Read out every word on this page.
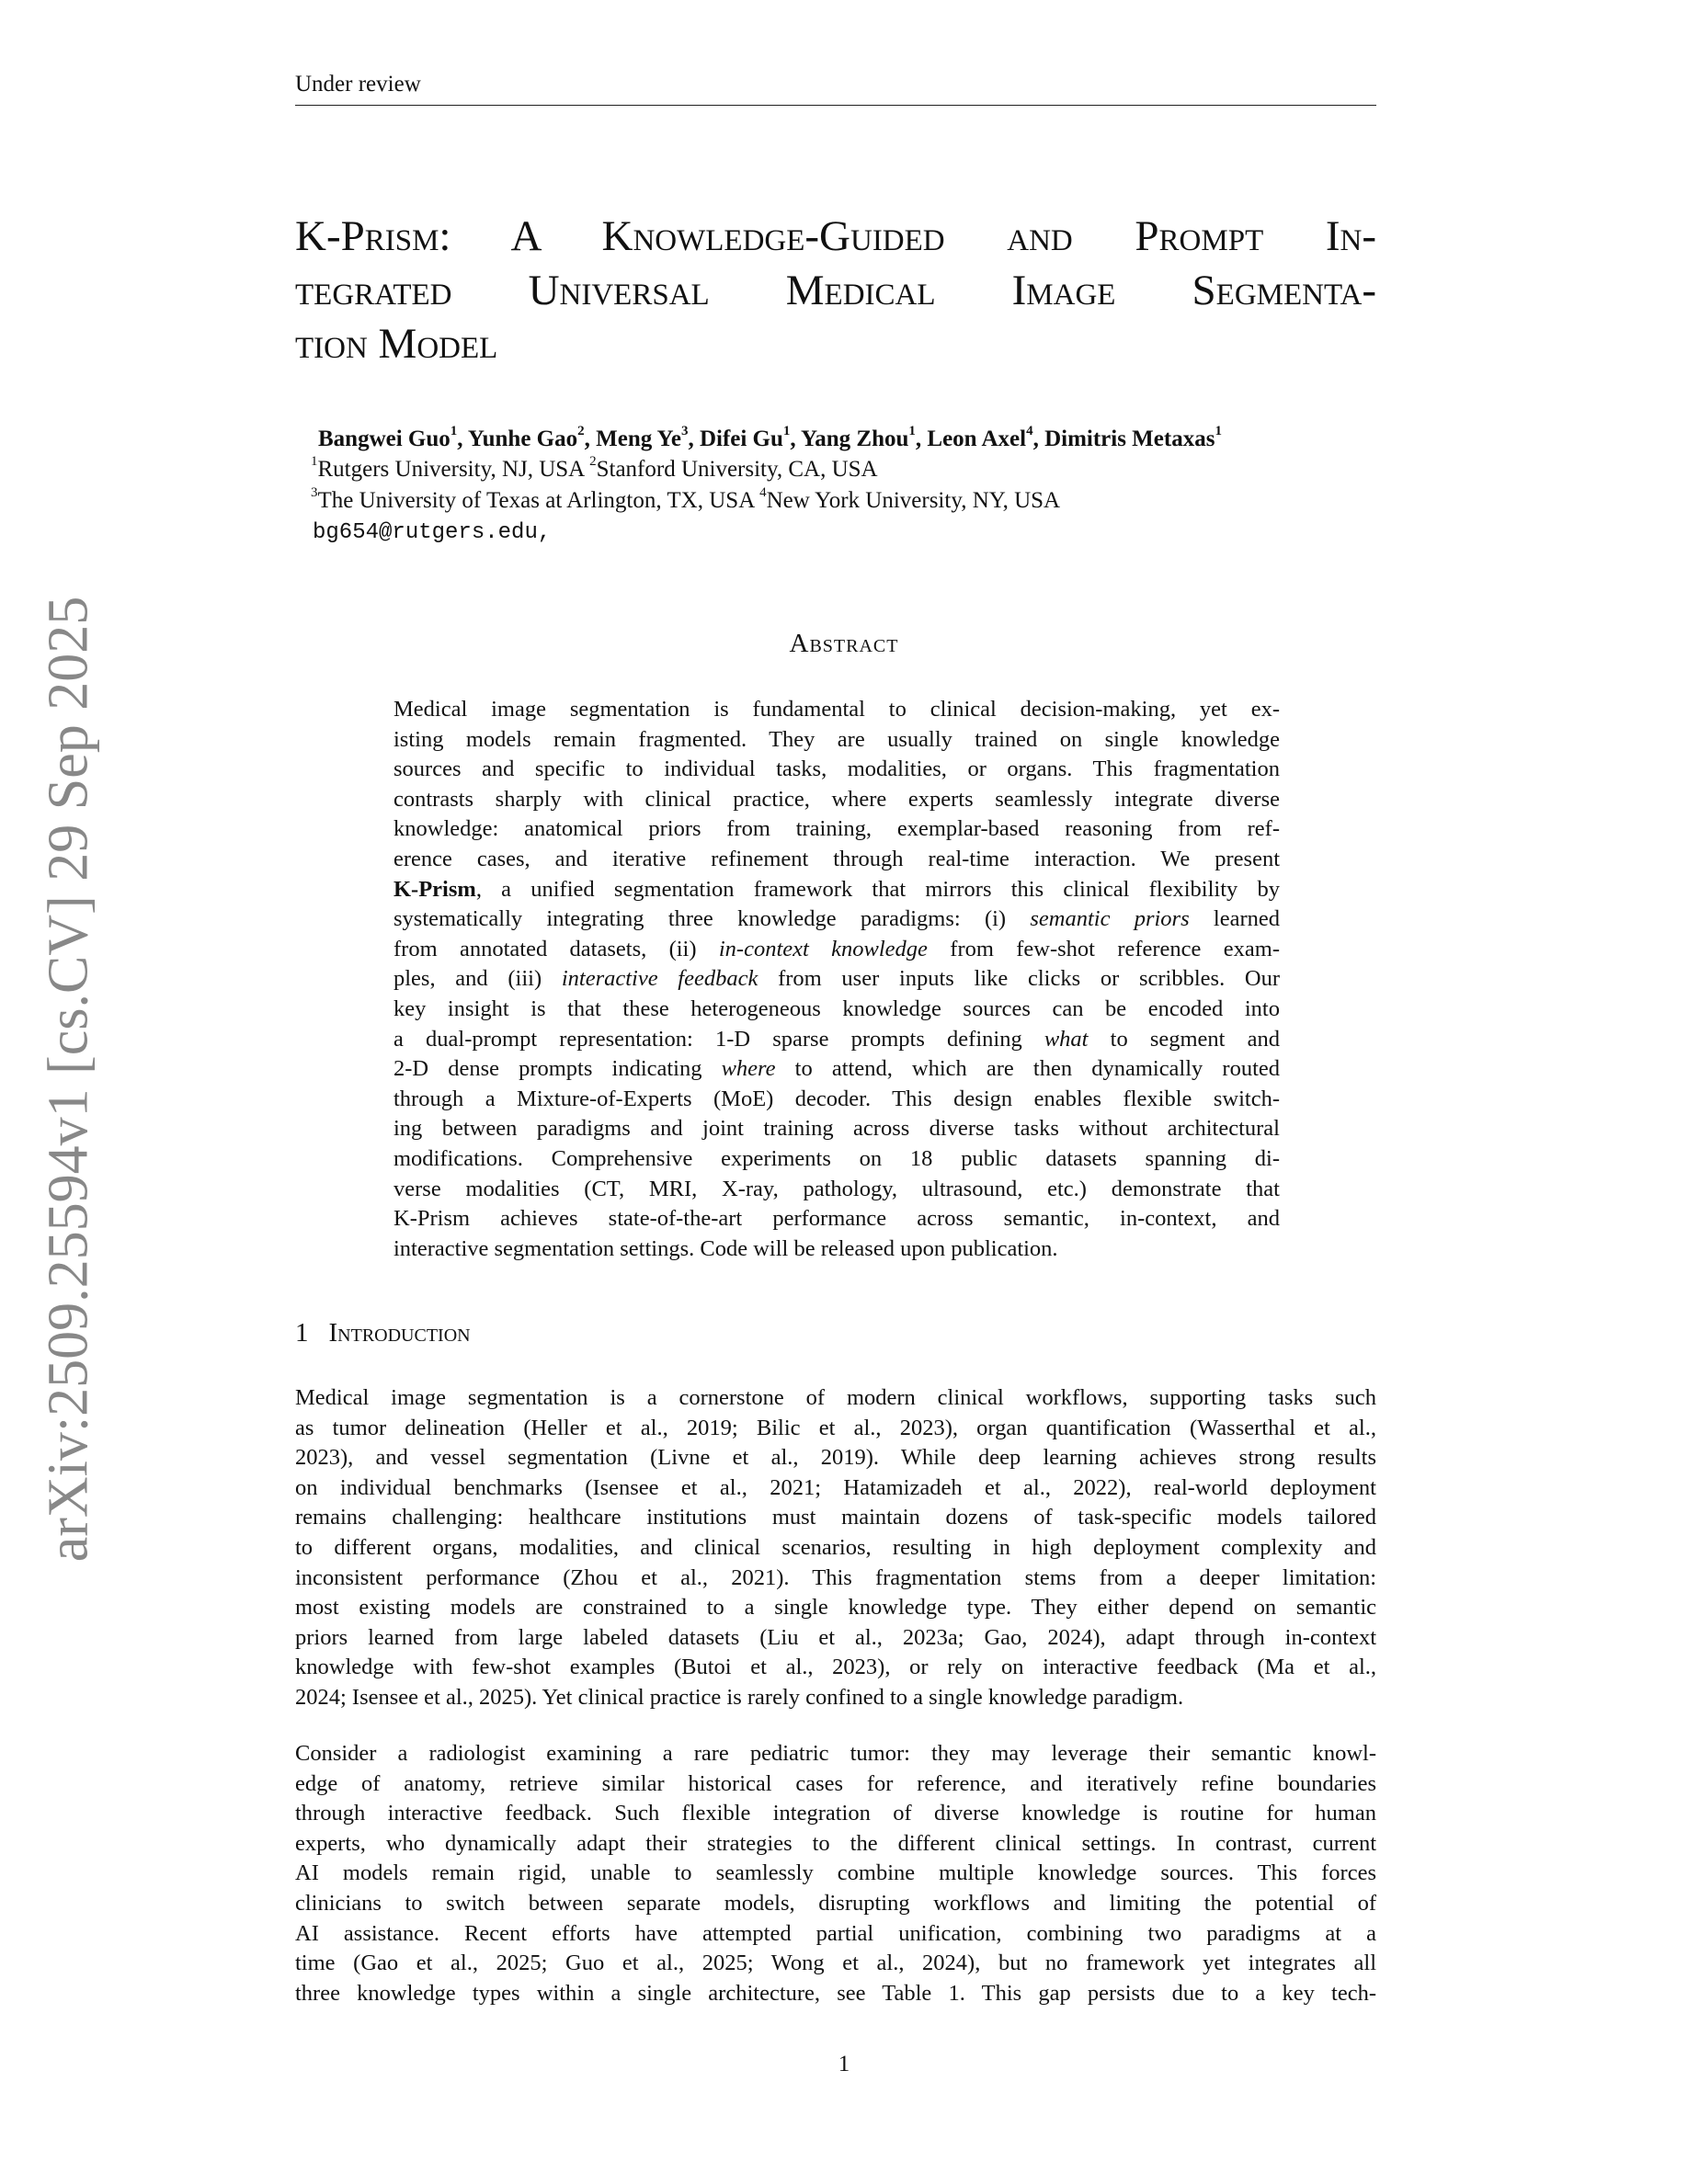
Under review
K-Prism: A Knowledge-Guided and Prompt In-
tegrated Universal Medical Image Segmenta-
tion Model
Bangwei Guo$^1$, Yunhe Gao$^2$, Meng Ye$^3$, Difei Gu$^1$, Yang Zhou$^1$, Leon Axel$^4$, Dimitris Metaxas$^1$
$^1$Rutgers University, NJ, USA $^2$Stanford University, CA, USA
$^3$The University of Texas at Arlington, TX, USA $^4$New York University, NY, USA
bg654@rutgers.edu,
Abstract
Medical image segmentation is fundamental to clinical decision-making, yet ex-
isting models remain fragmented. They are usually trained on single knowledge
sources and specific to individual tasks, modalities, or organs. This fragmentation
contrasts sharply with clinical practice, where experts seamlessly integrate diverse
knowledge: anatomical priors from training, exemplar-based reasoning from ref-
erence cases, and iterative refinement through real-time interaction. We present
K-Prism, a unified segmentation framework that mirrors this clinical flexibility by
systematically integrating three knowledge paradigms: (i) semantic priors learned
from annotated datasets, (ii) in-context knowledge from few-shot reference exam-
ples, and (iii) interactive feedback from user inputs like clicks or scribbles. Our
key insight is that these heterogeneous knowledge sources can be encoded into
a dual-prompt representation: 1-D sparse prompts defining what to segment and
2-D dense prompts indicating where to attend, which are then dynamically routed
through a Mixture-of-Experts (MoE) decoder. This design enables flexible switch-
ing between paradigms and joint training across diverse tasks without architectural
modifications. Comprehensive experiments on 18 public datasets spanning di-
verse modalities (CT, MRI, X-ray, pathology, ultrasound, etc.) demonstrate that
K-Prism achieves state-of-the-art performance across semantic, in-context, and
interactive segmentation settings. Code will be released upon publication.
1 Introduction
Medical image segmentation is a cornerstone of modern clinical workflows, supporting tasks such
as tumor delineation (Heller et al., 2019; Bilic et al., 2023), organ quantification (Wasserthal et al.,
2023), and vessel segmentation (Livne et al., 2019). While deep learning achieves strong results
on individual benchmarks (Isensee et al., 2021; Hatamizadeh et al., 2022), real-world deployment
remains challenging: healthcare institutions must maintain dozens of task-specific models tailored
to different organs, modalities, and clinical scenarios, resulting in high deployment complexity and
inconsistent performance (Zhou et al., 2021). This fragmentation stems from a deeper limitation:
most existing models are constrained to a single knowledge type. They either depend on semantic
priors learned from large labeled datasets (Liu et al., 2023a; Gao, 2024), adapt through in-context
knowledge with few-shot examples (Butoi et al., 2023), or rely on interactive feedback (Ma et al.,
2024; Isensee et al., 2025). Yet clinical practice is rarely confined to a single knowledge paradigm.
Consider a radiologist examining a rare pediatric tumor: they may leverage their semantic knowl-
edge of anatomy, retrieve similar historical cases for reference, and iteratively refine boundaries
through interactive feedback. Such flexible integration of diverse knowledge is routine for human
experts, who dynamically adapt their strategies to the different clinical settings. In contrast, current
AI models remain rigid, unable to seamlessly combine multiple knowledge sources. This forces
clinicians to switch between separate models, disrupting workflows and limiting the potential of
AI assistance. Recent efforts have attempted partial unification, combining two paradigms at a
time (Gao et al., 2025; Guo et al., 2025; Wong et al., 2024), but no framework yet integrates all
three knowledge types within a single architecture, see Table 1. This gap persists due to a key tech-
1
arXiv:2509.25594v1 [cs.CV] 29 Sep 2025
